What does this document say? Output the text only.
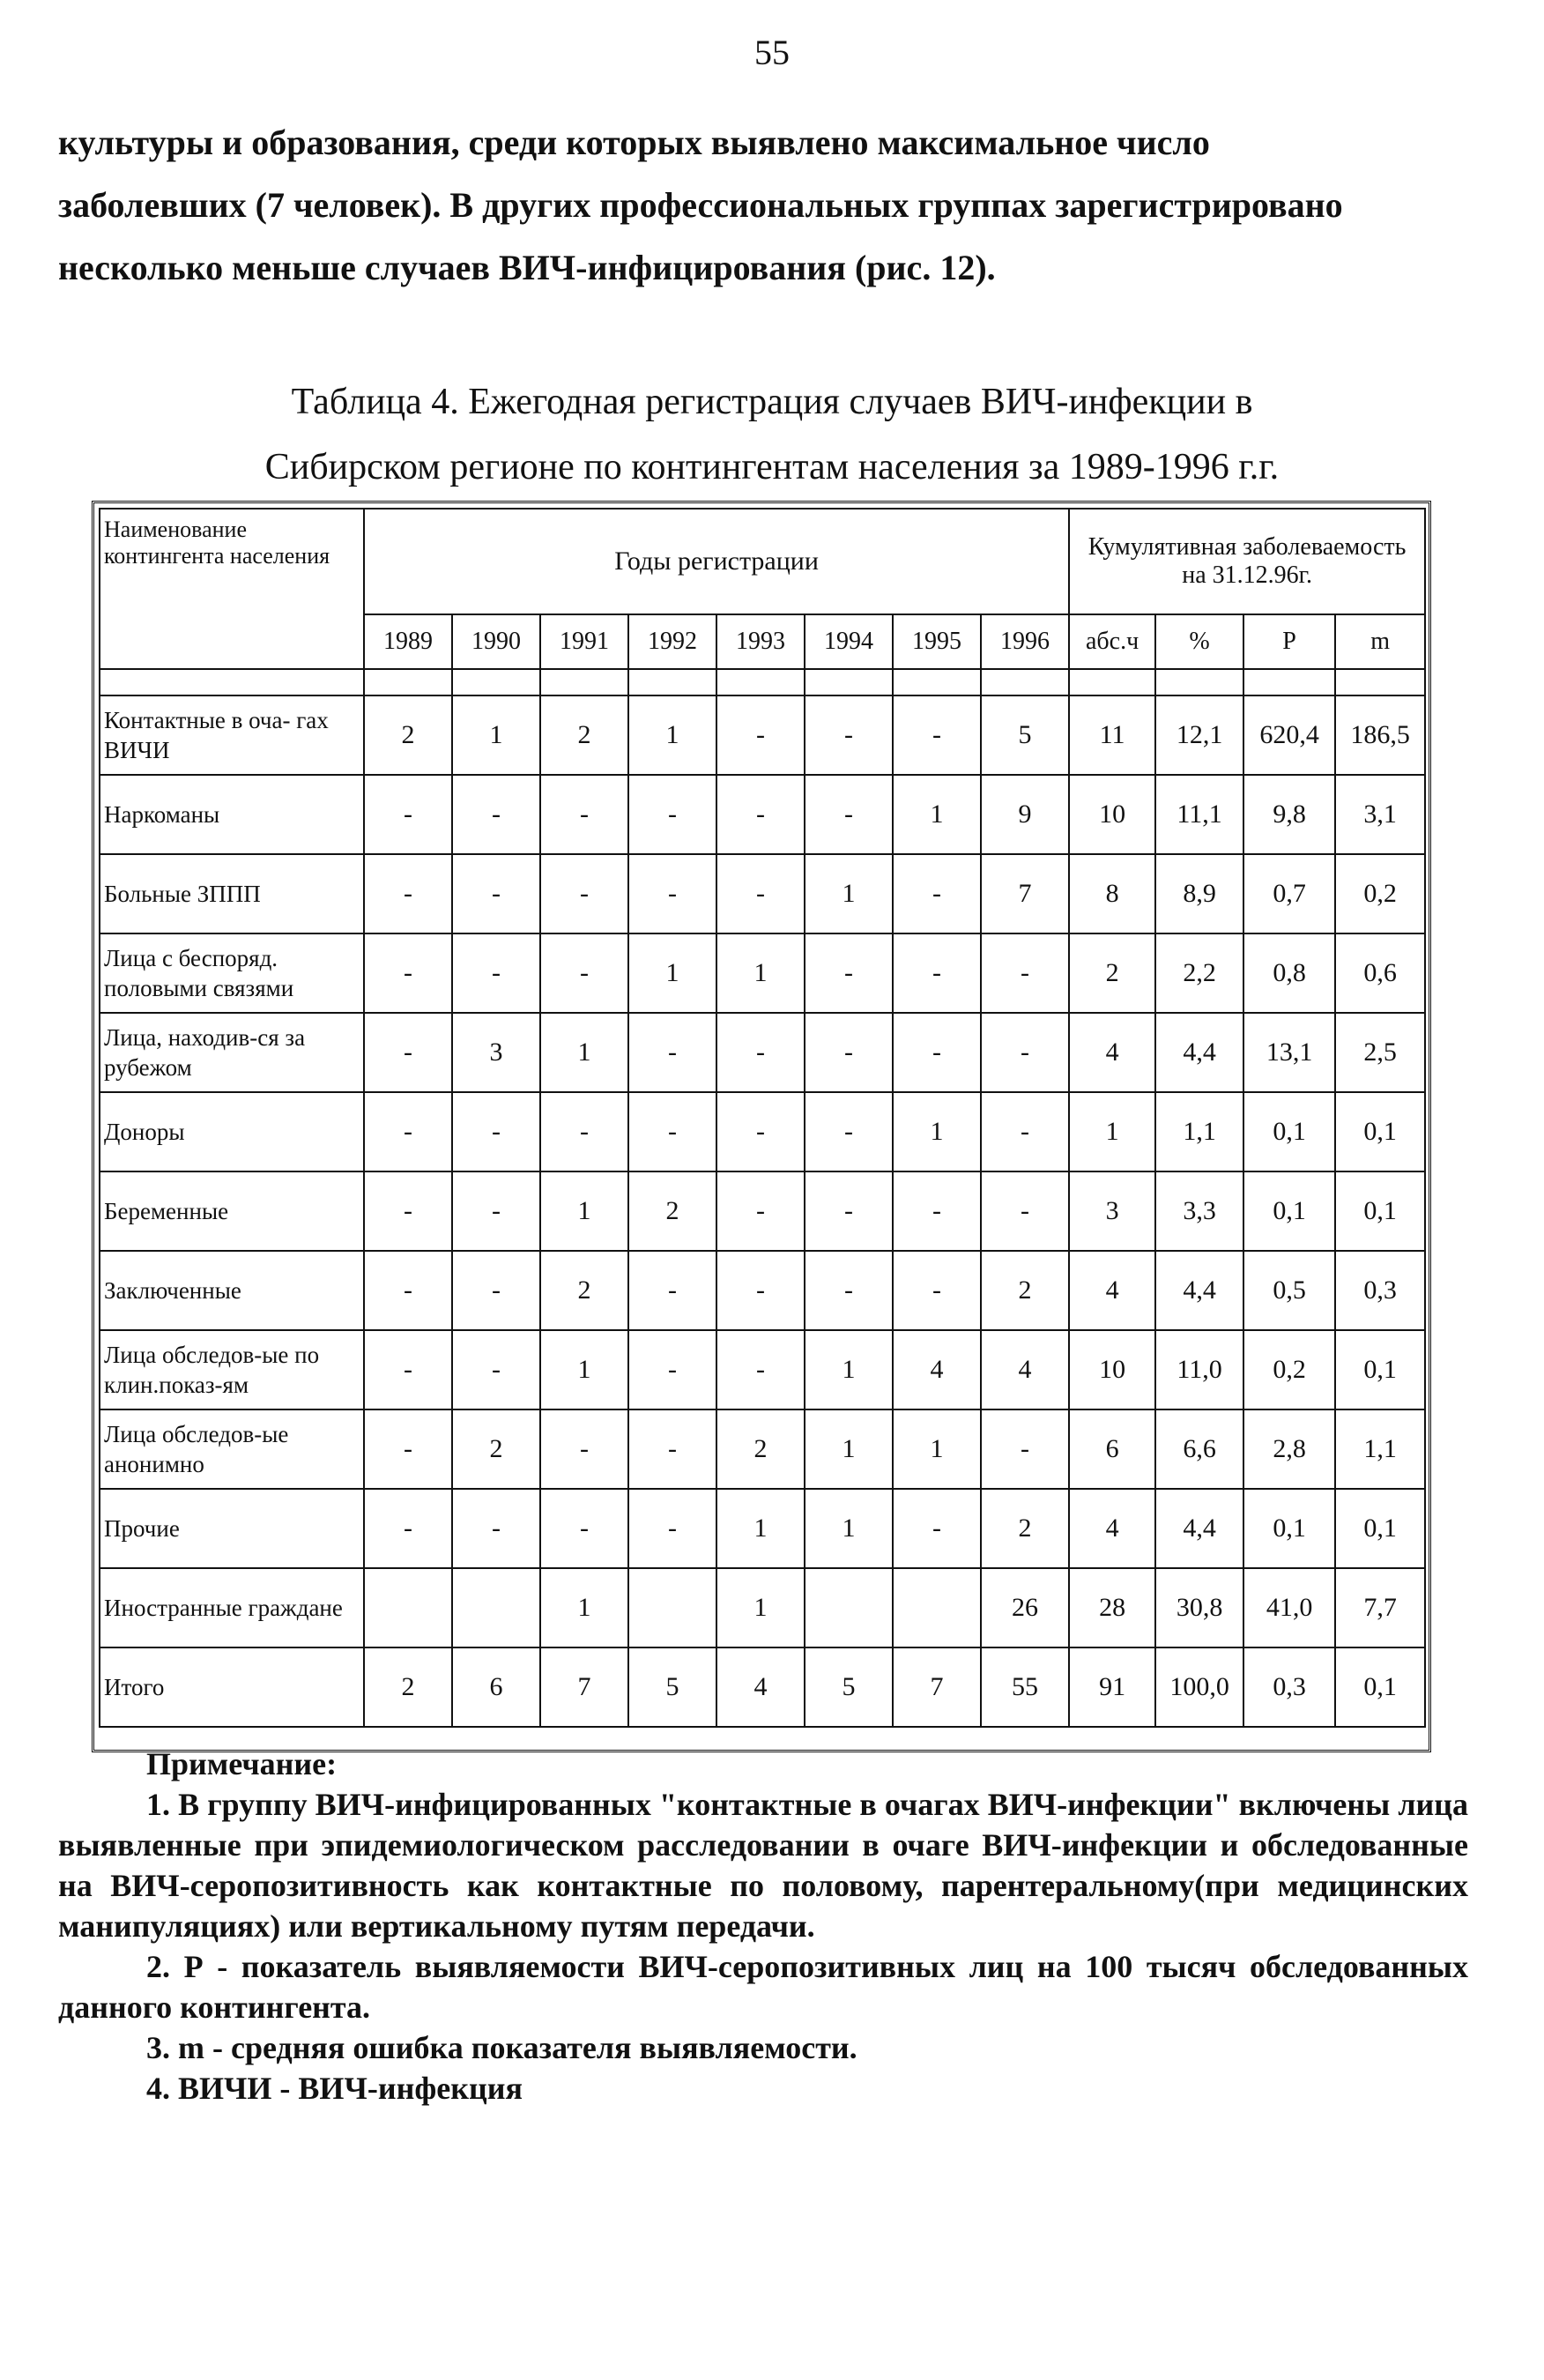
55
культуры и образования, среди которых выявлено максимальное число
заболевших (7 человек). В других профессиональных группах зарегистрировано
несколько меньше случаев ВИЧ-инфицирования (рис. 12).
Таблица 4. Ежегодная регистрация случаев ВИЧ-инфекции в
Сибирском регионе по контингентам населения за 1989-1996 г.г.
Наименование контингента населения	Годы регистрации								Кумулятивная заболеваемость на 31.12.96г.			
	1989	1990	1991	1992	1993	1994	1995	1996	абс.ч	%	P	m

Контактные в оча- гах ВИЧИ	2	1	2	1	-	-	-	5	11	12,1	620,4	186,5
Наркоманы	-	-	-	-	-	-	1	9	10	11,1	9,8	3,1
Больные ЗППП	-	-	-	-	-	1	-	7	8	8,9	0,7	0,2
Лица с беспоряд. половыми связями	-	-	-	1	1	-	-	-	2	2,2	0,8	0,6
Лица, находив-ся за рубежом	-	3	1	-	-	-	-	-	4	4,4	13,1	2,5
Доноры	-	-	-	-	-	-	1	-	1	1,1	0,1	0,1
Беременные	-	-	1	2	-	-	-	-	3	3,3	0,1	0,1
Заключенные	-	-	2	-	-	-	-	2	4	4,4	0,5	0,3
Лица обследов-ые по клин.показ-ям	-	-	1	-	-	1	4	4	10	11,0	0,2	0,1
Лица обследов-ые анонимно	-	2	-	-	2	1	1	-	6	6,6	2,8	1,1
Прочие	-	-	-	-	1	1	-	2	4	4,4	0,1	0,1
Иностранные граждане			1		1			26	28	30,8	41,0	7,7
Итого	2	6	7	5	4	5	7	55	91	100,0	0,3	0,1
Примечание:
1. В группу ВИЧ-инфицированных "контактные в очагах ВИЧ-инфекции" включены лица выявленные при эпидемиологическом расследовании в очаге ВИЧ-инфекции и обследованные на ВИЧ-серопозитивность как контактные по половому, парентеральному(при медицинских манипуляциях) или вертикальному путям передачи.
2. Р - показатель выявляемости ВИЧ-серопозитивных лиц на 100 тысяч обследованных данного контингента.
3. m - средняя ошибка показателя выявляемости.
4. ВИЧИ - ВИЧ-инфекция
